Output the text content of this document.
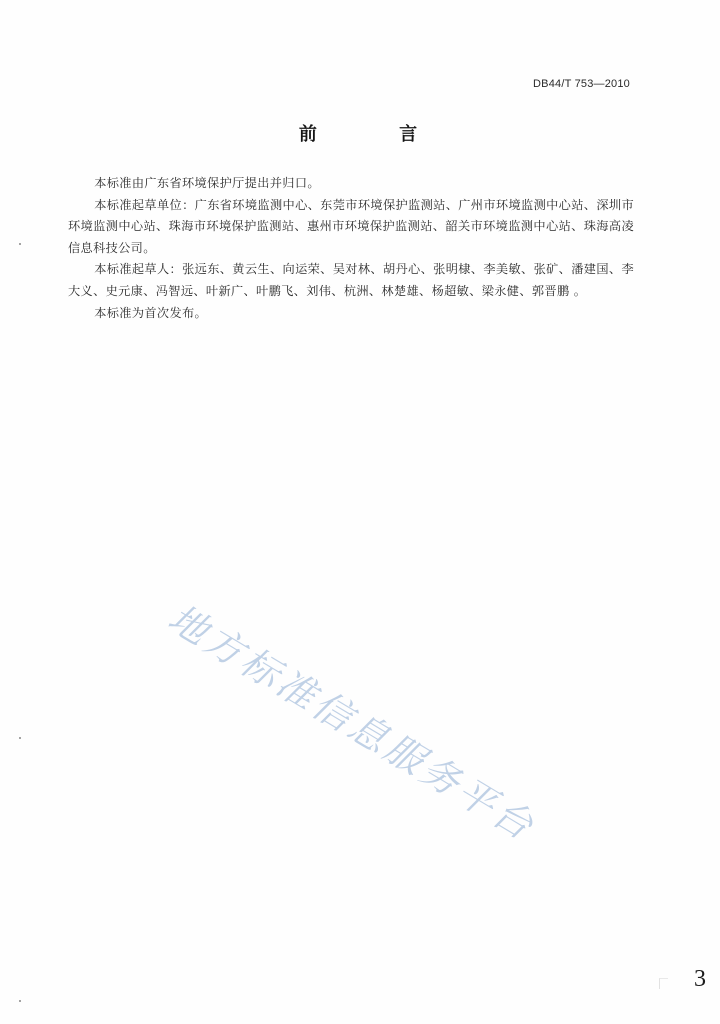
DB44/T 753—2010
前 言

本标准由广东省环境保护厅提出并归口。

本标准起草单位：广东省环境监测中心、东莞市环境保护监测站、广州市环境监测中心站、深圳市环境监测中心站、珠海市环境保护监测站、惠州市环境保护监测站、韶关市环境监测中心站、珠海高凌信息科技公司。

本标准起草人：张远东、黄云生、向运荣、吴对林、胡丹心、张明棣、李美敏、张矿、潘建国、李大义、史元康、冯智远、叶新广、叶鹏飞、刘伟、杭洲、林楚雄、杨超敏、梁永健、郭晋鹏 。

本标准为首次发布。

地方标准信息服务平台
3
